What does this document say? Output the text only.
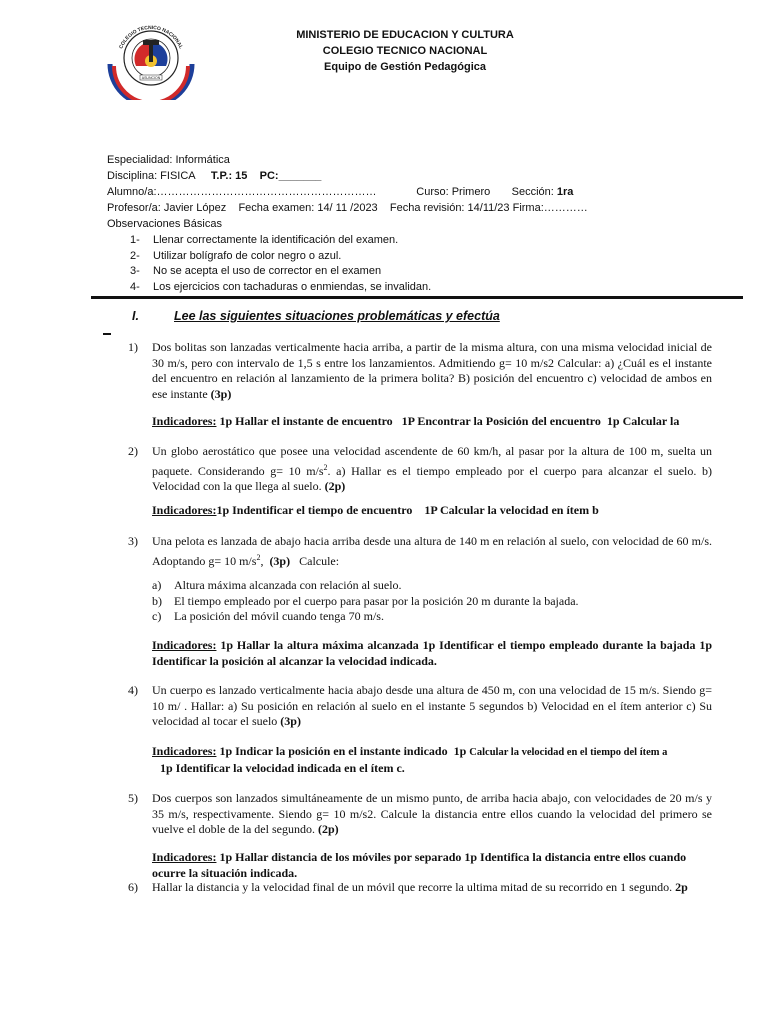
COLEGIO TECNICO NACIONAL
ASUNCION
MINISTERIO DE EDUCACION Y CULTURA
COLEGIO TECNICO NACIONAL
Equipo de Gestión Pedagógica
Especialidad: Informática
Disciplina: FISICA T.P.: 15 PC:_______
Alumno/a:……………………………………………………	Curso: Primero Sección: 1ra
Profesor/a: Javier López    Fecha examen: 14/ 11 /2023    Fecha revisión: 14/11/23 Firma:…………
Observaciones Básicas
1- Llenar correctamente la identificación del examen.
2- Utilizar bolígrafo de color negro o azul.
3- No se acepta el uso de corrector en el examen
4- Los ejercicios con tachaduras o enmiendas, se invalidan.
I.	Lee las siguientes situaciones problemáticas y efectúa
1) Dos bolitas son lanzadas verticalmente hacia arriba, a partir de la misma altura, con una misma velocidad inicial de 30 m/s, pero con intervalo de 1,5 s entre los lanzamientos. Admitiendo g= 10 m/s2 Calcular: a) ¿Cuál es el instante del encuentro en relación al lanzamiento de la primera bolita? B) posición del encuentro c) velocidad de ambos en ese instante (3p)
Indicadores: 1p Hallar el instante de encuentro   1P Encontrar la Posición del encuentro  1p Calcular la
2) Un globo aerostático que posee una velocidad ascendente de 60 km/h, al pasar por la altura de 100 m, suelta un paquete. Considerando g= 10 $m/s^2$. a) Hallar es el tiempo empleado por el cuerpo para alcanzar el suelo. b) Velocidad con la que llega al suelo. (2p)
Indicadores:1p Indentificar el tiempo de encuentro    1P Calcular la velocidad en ítem b
3) Una pelota es lanzada de abajo hacia arriba desde una altura de 140 m en relación al suelo, con velocidad de 60 m/s. Adoptando g= 10 $m/s^2$, (3p) Calcule:
a) Altura máxima alcanzada con relación al suelo.
b) El tiempo empleado por el cuerpo para pasar por la posición 20 m durante la bajada.
c) La posición del móvil cuando tenga 70 m/s.
Indicadores: 1p Hallar la altura máxima alcanzada 1p Identificar el tiempo empleado durante la bajada 1p Identificar la posición al alcanzar la velocidad indicada.
4) Un cuerpo es lanzado verticalmente hacia abajo desde una altura de 450 m, con una velocidad de 15 m/s. Siendo g= 10 m/ . Hallar: a) Su posición en relación al suelo en el instante 5 segundos b) Velocidad en el ítem anterior c) Su velocidad al tocar el suelo (3p)
Indicadores: 1p Indicar la posición en el instante indicado  1p Calcular la velocidad en el tiempo del ítem a
1p Identificar la velocidad indicada en el ítem c.
5) Dos cuerpos son lanzados simultáneamente de un mismo punto, de arriba hacia abajo, con velocidades de 20 m/s y 35 m/s, respectivamente. Siendo g= 10 m/s2. Calcule la distancia entre ellos cuando la velocidad del primero se vuelve el doble de la del segundo. (2p)
Indicadores: 1p Hallar distancia de los móviles por separado 1p Identifica la distancia entre ellos cuando ocurre la situación indicada.
6) Hallar la distancia y la velocidad final de un móvil que recorre la ultima mitad de su recorrido en 1 segundo. 2p
